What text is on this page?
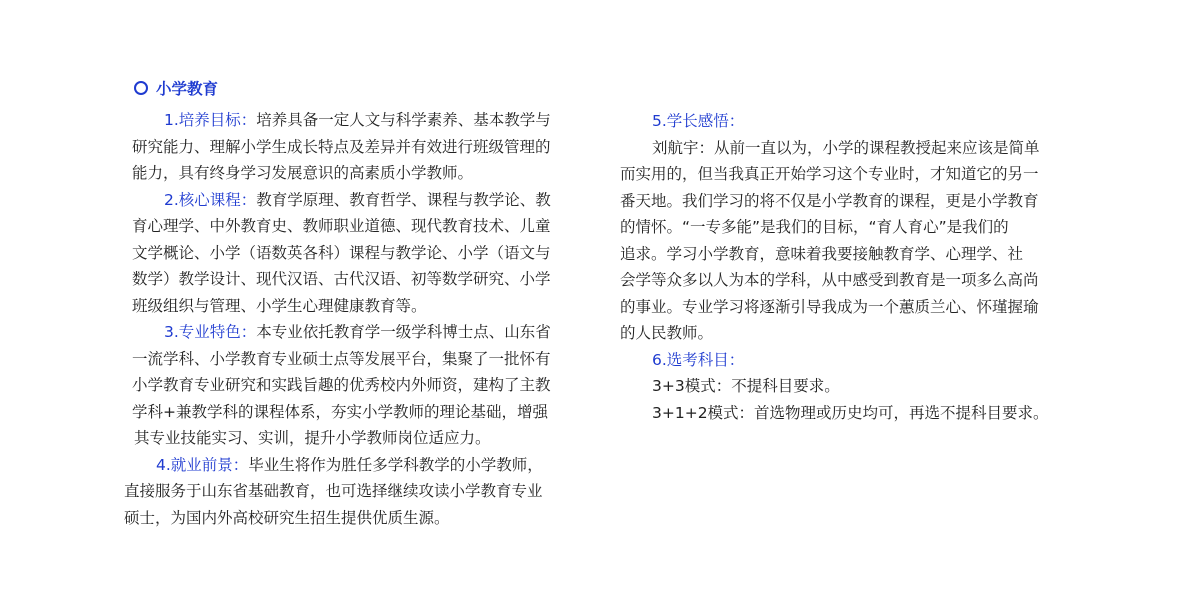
小学教育
1.培养目标：培养具备一定人文与科学素养、基本教学与
研究能力、理解小学生成长特点及差异并有效进行班级管理的
能力，具有终身学习发展意识的高素质小学教师。
2.核心课程：教育学原理、教育哲学、课程与教学论、教
育心理学、中外教育史、教师职业道德、现代教育技术、儿童
文学概论、小学（语数英各科）课程与教学论、小学（语文与
数学）教学设计、现代汉语、古代汉语、初等数学研究、小学
班级组织与管理、小学生心理健康教育等。
3.专业特色：本专业依托教育学一级学科博士点、山东省
一流学科、小学教育专业硕士点等发展平台，集聚了一批怀有
小学教育专业研究和实践旨趣的优秀校内外师资，建构了主教
学科+兼教学科的课程体系，夯实小学教师的理论基础，增强
其专业技能实习、实训，提升小学教师岗位适应力。
4.就业前景：毕业生将作为胜任多学科教学的小学教师，
直接服务于山东省基础教育，也可选择继续攻读小学教育专业
硕士，为国内外高校研究生招生提供优质生源。
5.学长感悟：
刘航宇：从前一直以为，小学的课程教授起来应该是简单
而实用的，但当我真正开始学习这个专业时，才知道它的另一
番天地。我们学习的将不仅是小学教育的课程，更是小学教育
的情怀。“一专多能”是我们的目标，“育人育心”是我们的
追求。学习小学教育，意味着我要接触教育学、心理学、社
会学等众多以人为本的学科，从中感受到教育是一项多么高尚
的事业。专业学习将逐渐引导我成为一个蕙质兰心、怀瑾握瑜
的人民教师。
6.选考科目：
3+3模式：不提科目要求。
3+1+2模式：首选物理或历史均可，再选不提科目要求。
